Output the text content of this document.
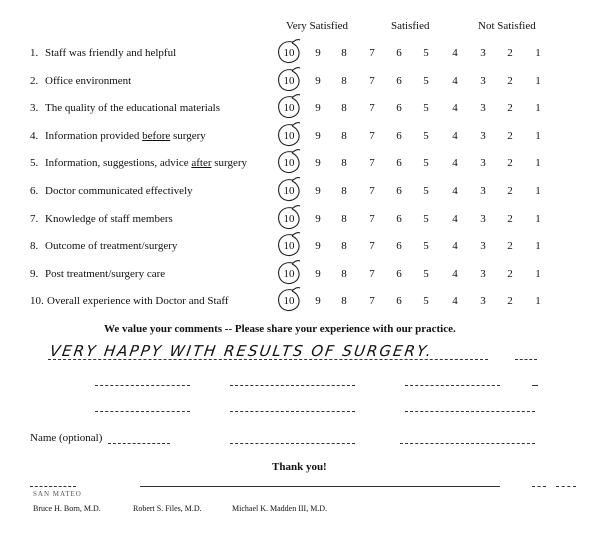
Very Satisfied	Satisfied	Not Satisfied
1. Staff was friendly and helpful	10	9	8	7	6	5	4	3	2	1
2. Office environment	10	9	8	7	6	5	4	3	2	1
3. The quality of the educational materials	10	9	8	7	6	5	4	3	2	1
4. Information provided before surgery	10	9	8	7	6	5	4	3	2	1
5. Information, suggestions, advice after surgery	10	9	8	7	6	5	4	3	2	1
6. Doctor communicated effectively	10	9	8	7	6	5	4	3	2	1
7. Knowledge of staff members	10	9	8	7	6	5	4	3	2	1
8. Outcome of treatment/surgery	10	9	8	7	6	5	4	3	2	1
9. Post treatment/surgery care	10	9	8	7	6	5	4	3	2	1
10. Overall experience with Doctor and Staff	10	9	8	7	6	5	4	3	2	1
We value your comments -- Please share your experience with our practice.
VERY HAPPY WITH RESULTS OF SURGERY.
Name (optional)
Thank you!
SAN MATEO
Bruce H. Born, M.D.	Robert S. Files, M.D.	Michael K. Madden III, M.D.
